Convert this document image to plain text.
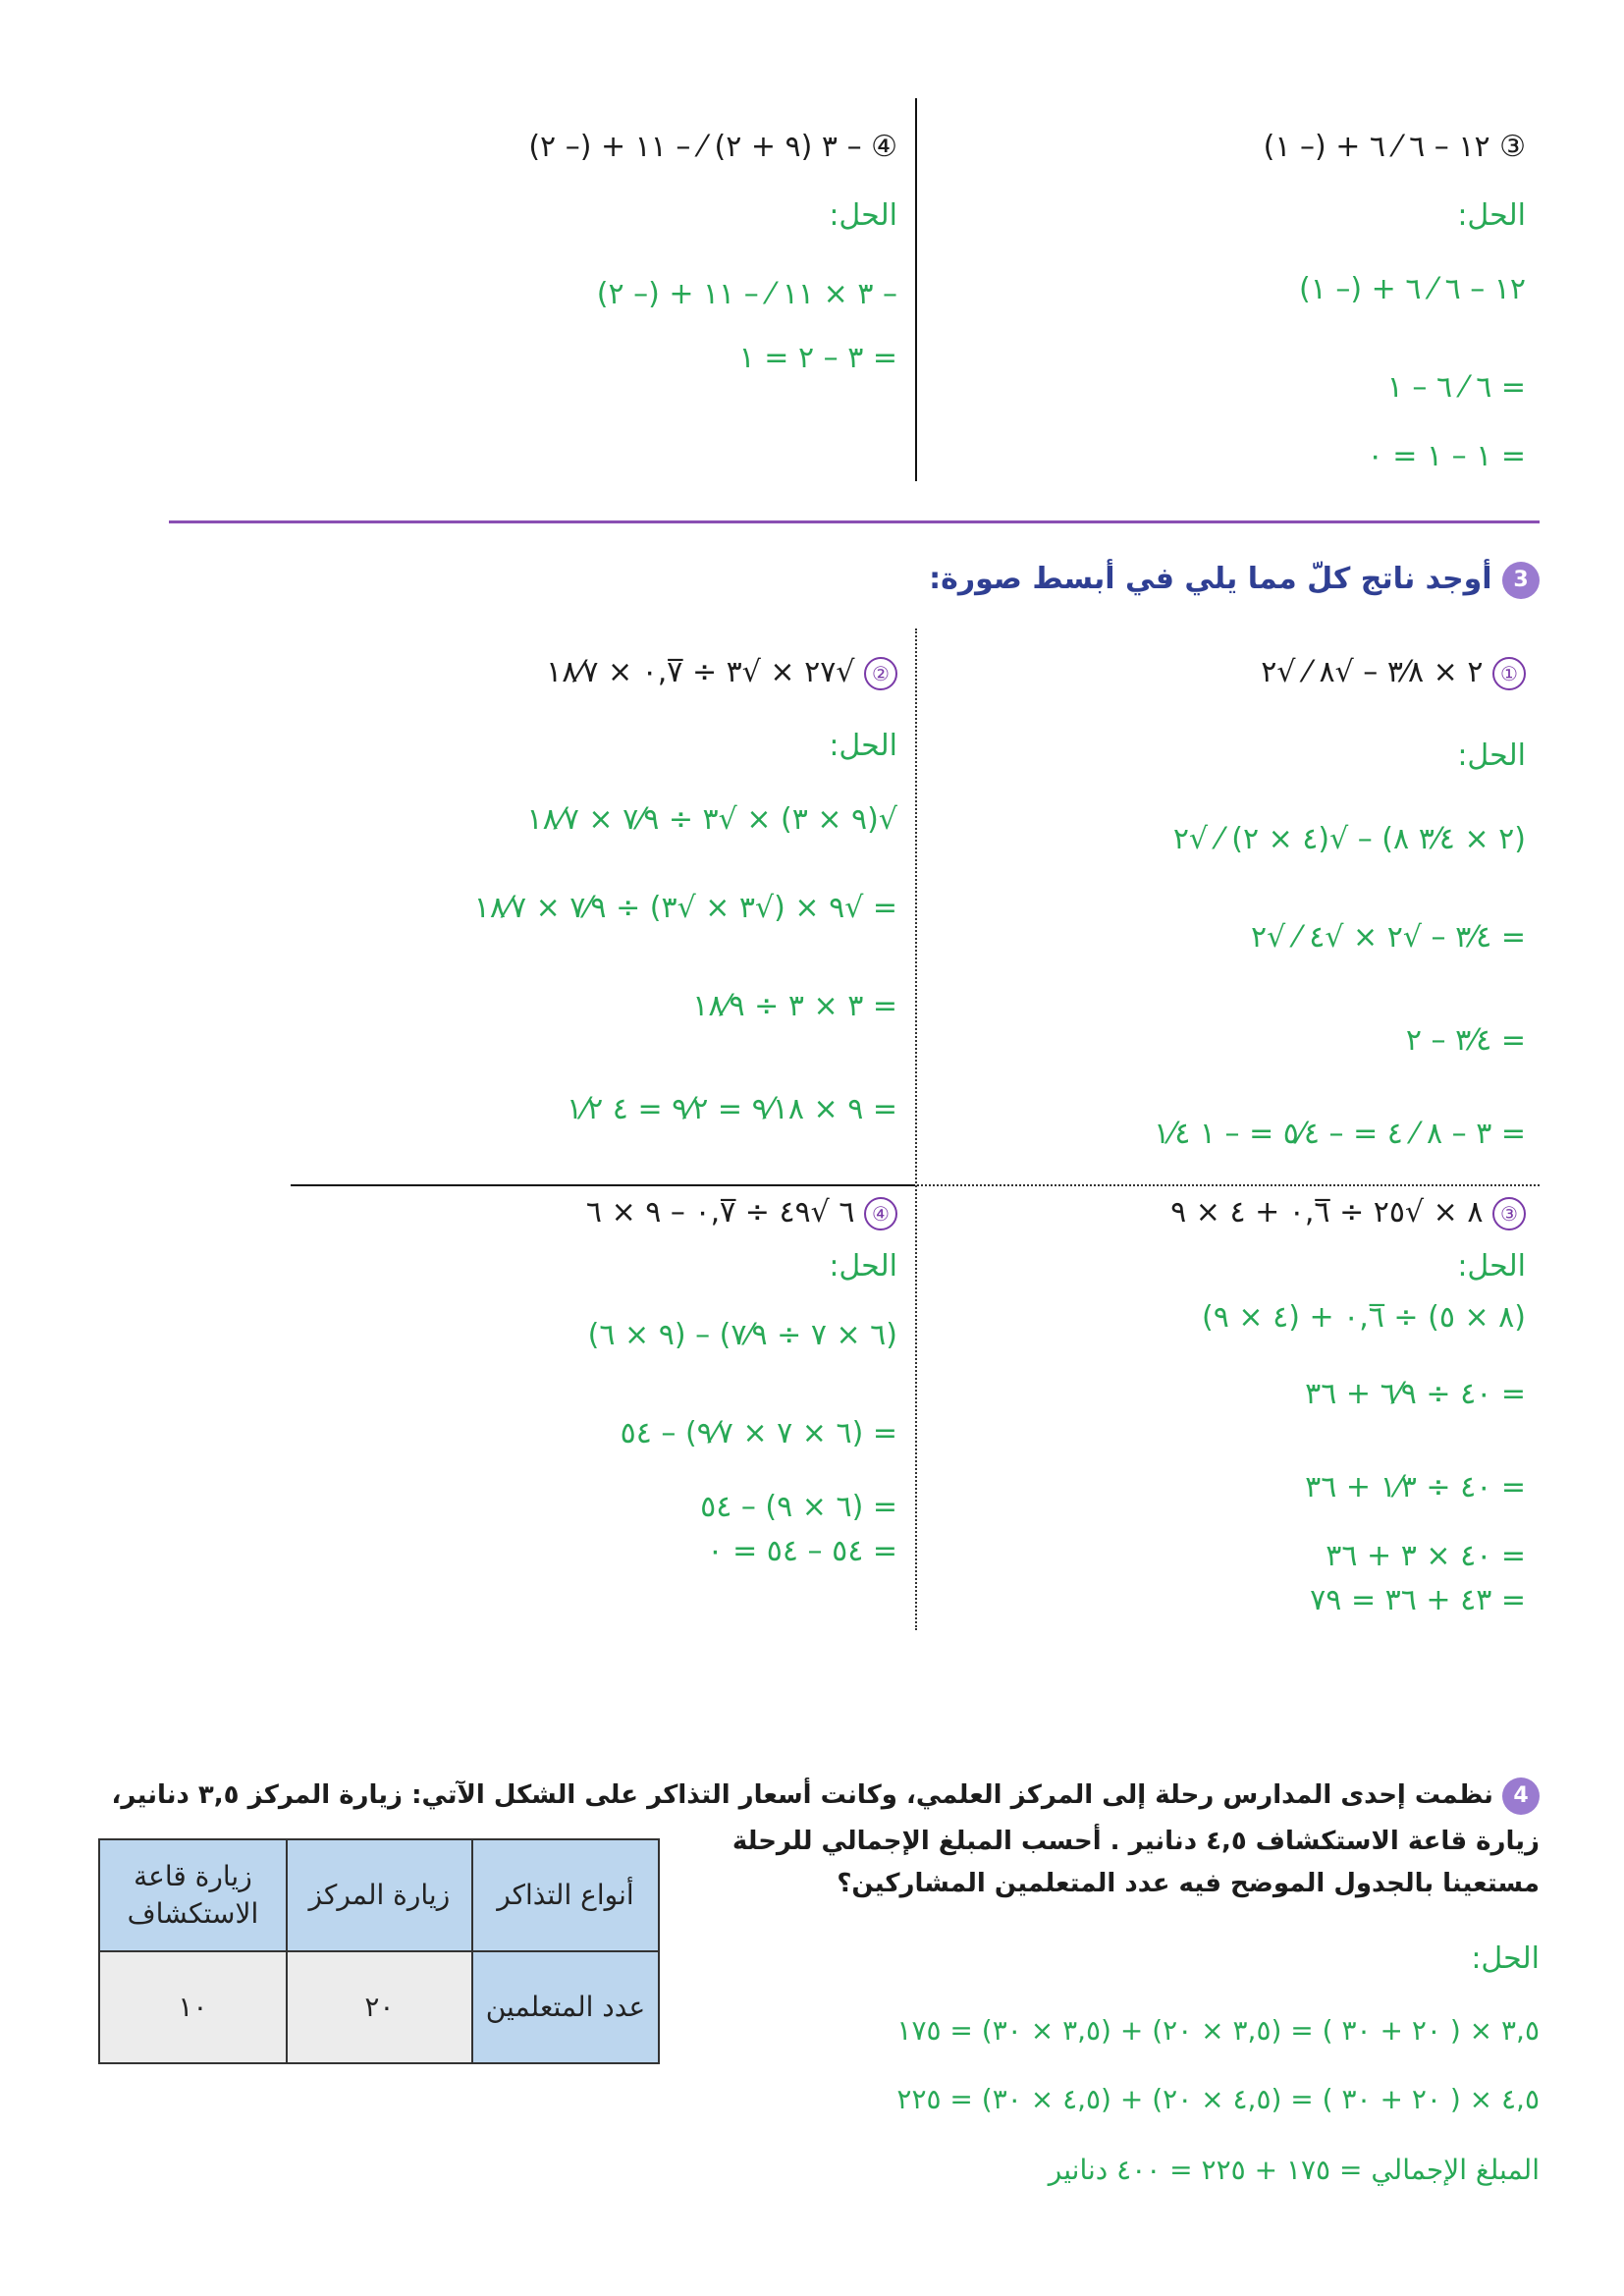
③ ١٢ – ٦ ⁄ ٦ + (– ١)
الحل:
١٢ – ٦ ⁄ ٦ + (– ١)
= ٦ ⁄ ٦ – ١
= ١ – ١ = ٠
④ – ٣ (٩ + ٢) ⁄ – ١١ + (– ٢)
الحل:
– ٣ × ١١ ⁄ – ١١ + (– ٢)
= ٣ – ٢ = ١
3 أوجد ناتج كلّ مما يلي في أبسط صورة:
① ٢ × ٣⁄٨ – √٨ ⁄ √٢
الحل:
(٢ × ٣⁄٤ ٨) – √(٤ × ٢) ⁄ √٢
= ٣⁄٤ – √٢ × √٤ ⁄ √٢
= ٣⁄٤ – ٢
= ٣ – ٨ ⁄ ٤ = – ٥⁄٤ = – ١ ١⁄٤
② √٢٧ × √٣ ÷ ٠,٧̅ × ١٨⁄٧
الحل:
√(٩ × ٣) × √٣ ÷ ٧⁄٩ × ١٨⁄٧
= √٩ × (√٣ × √٣) ÷ ٧⁄٩ × ١٨⁄٧
= ٣ × ٣ ÷ ١٨⁄٩
= ٩ × ٩⁄١٨ = ٩⁄٢ = ٤ ١⁄٢
③ ٨ × √٢٥ ÷ ٠,٦̅ + ٤ × ٩
الحل:
(٨ × ٥) ÷ ٠,٦̅ + (٤ × ٩)
= ٤٠ ÷ ٦⁄٩ + ٣٦
= ٤٠ ÷ ١⁄٣ + ٣٦
= ٤٠ × ٣ + ٣٦
= ٤٣ + ٣٦ = ٧٩
④ ٦ √٤٩ ÷ ٠,٧̅ – ٩ × ٦
الحل:
(٦ × ٧ ÷ ٧⁄٩) – (٩ × ٦)
= (٦ × ٧ × ٩⁄٧) – ٥٤
= (٦ × ٩) – ٥٤
= ٥٤ – ٥٤ = ٠
4 نظمت إحدى المدارس رحلة إلى المركز العلمي، وكانت أسعار التذاكر على الشكل الآتي: زيارة المركز ٣,٥ دنانير،
زيارة قاعة الاستكشاف ٤,٥ دنانير . أحسب المبلغ الإجمالي للرحلة
مستعينا بالجدول الموضح فيه عدد المتعلمين المشاركين؟
أنواع التذاكر	زيارة المركز	زيارة قاعة الاستكشاف
عدد المتعلمين	٢٠	١٠
الحل:
٣,٥ × ( ٢٠ + ٣٠ ) = (٣,٥ × ٢٠) + (٣,٥ × ٣٠) = ١٧٥
٤,٥ × ( ٢٠ + ٣٠ ) = (٤,٥ × ٢٠) + (٤,٥ × ٣٠) = ٢٢٥
المبلغ الإجمالي = ١٧٥ + ٢٢٥ = ٤٠٠ دنانير
